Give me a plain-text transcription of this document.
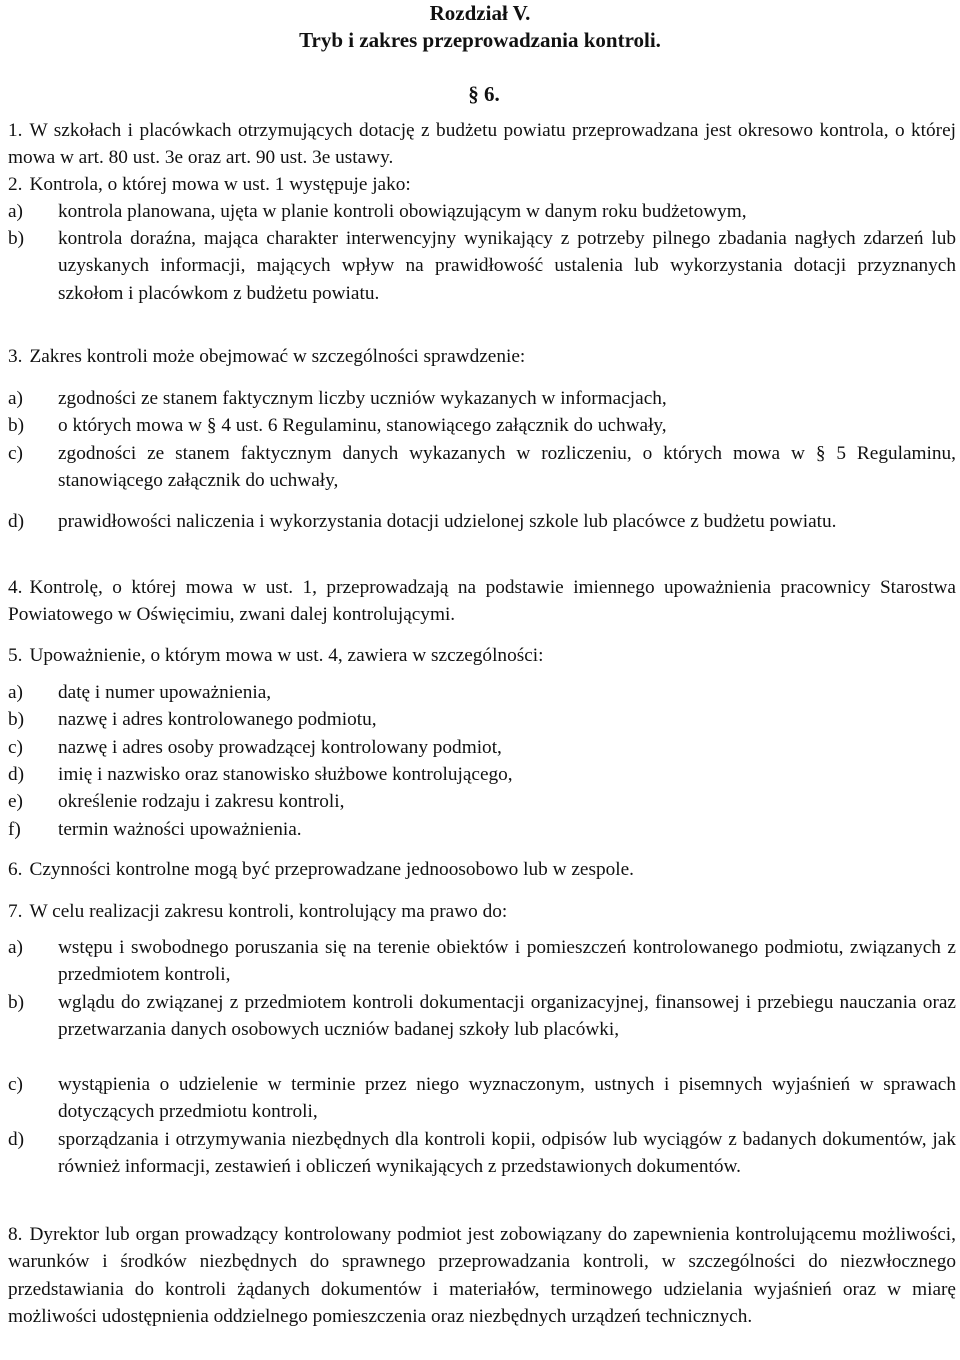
Rozdział V.
Tryb i zakres przeprowadzania kontroli.
§ 6.
1. W szkołach i placówkach otrzymujących dotację z budżetu powiatu przeprowadzana jest okresowo kontrola, o której mowa w art. 80 ust. 3e oraz art. 90 ust. 3e ustawy.
2. Kontrola, o której mowa w ust. 1 występuje jako:
a) kontrola planowana, ujęta w planie kontroli obowiązującym w danym roku budżetowym,
b) kontrola doraźna, mająca charakter interwencyjny wynikający z potrzeby pilnego zbadania nagłych zdarzeń lub uzyskanych informacji, mających wpływ na prawidłowość ustalenia lub wykorzystania dotacji przyznanych szkołom i placówkom z budżetu powiatu.
3. Zakres kontroli może obejmować w szczególności sprawdzenie:
a) zgodności ze stanem faktycznym liczby uczniów wykazanych w informacjach,
b) o których mowa w § 4 ust. 6 Regulaminu, stanowiącego załącznik do uchwały,
c) zgodności ze stanem faktycznym danych wykazanych w rozliczeniu, o których mowa w § 5 Regulaminu, stanowiącego załącznik do uchwały,
d) prawidłowości naliczenia i wykorzystania dotacji udzielonej szkole lub placówce z budżetu powiatu.
4. Kontrolę, o której mowa w ust. 1, przeprowadzają na podstawie imiennego upoważnienia pracownicy Starostwa Powiatowego w Oświęcimiu, zwani dalej kontrolującymi.
5. Upoważnienie, o którym mowa w ust. 4, zawiera w szczególności:
a) datę i numer upoważnienia,
b) nazwę i adres kontrolowanego podmiotu,
c) nazwę i adres osoby prowadzącej kontrolowany podmiot,
d) imię i nazwisko oraz stanowisko służbowe kontrolującego,
e) określenie rodzaju i zakresu kontroli,
f) termin ważności upoważnienia.
6. Czynności kontrolne mogą być przeprowadzane jednoosobowo lub w zespole.
7. W celu realizacji zakresu kontroli, kontrolujący ma prawo do:
a) wstępu i swobodnego poruszania się na terenie obiektów i pomieszczeń kontrolowanego podmiotu, związanych z przedmiotem kontroli,
b) wglądu do związanej z przedmiotem kontroli dokumentacji organizacyjnej, finansowej i przebiegu nauczania oraz przetwarzania danych osobowych uczniów badanej szkoły lub placówki,
c) wystąpienia o udzielenie w terminie przez niego wyznaczonym, ustnych i pisemnych wyjaśnień w sprawach dotyczących przedmiotu kontroli,
d) sporządzania i otrzymywania niezbędnych dla kontroli kopii, odpisów lub wyciągów z badanych dokumentów, jak również informacji, zestawień i obliczeń wynikających z przedstawionych dokumentów.
8. Dyrektor lub organ prowadzący kontrolowany podmiot jest zobowiązany do zapewnienia kontrolującemu możliwości, warunków i środków niezbędnych do sprawnego przeprowadzania kontroli, w szczególności do niezwłocznego przedstawiania do kontroli żądanych dokumentów i materiałów, terminowego udzielania wyjaśnień oraz w miarę możliwości udostępnienia oddzielnego pomieszczenia oraz niezbędnych urządzeń technicznych.
